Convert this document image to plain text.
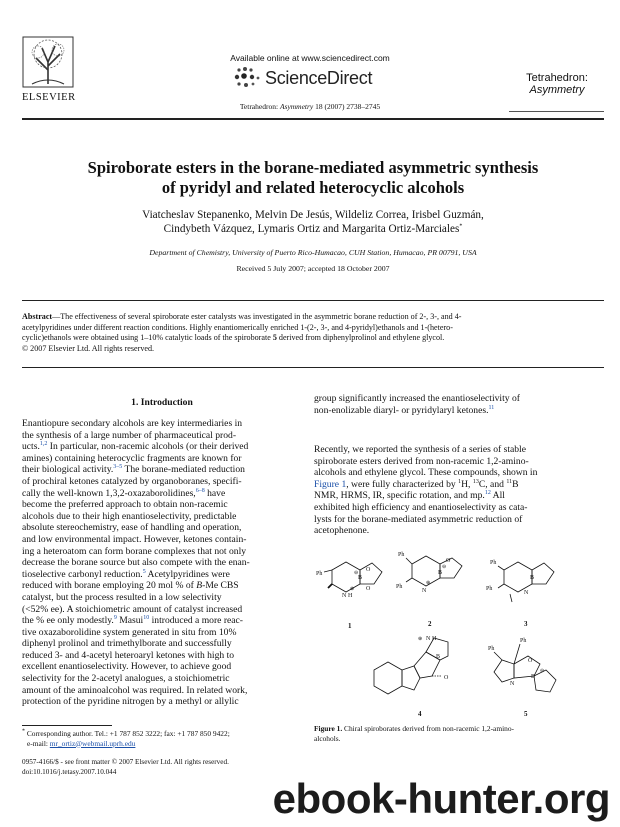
ELSEVIER
Available online at www.sciencedirect.com
ScienceDirect
Tetrahedron: Asymmetry 18 (2007) 2738–2745
Tetrahedron:
Asymmetry
Spiroborate esters in the borane-mediated asymmetric synthesis
of pyridyl and related heterocyclic alcohols
Viatcheslav Stepanenko, Melvin De Jesús, Wildeliz Correa, Irisbel Guzmán,
Cindybeth Vázquez, Lymaris Ortiz and Margarita Ortiz-Marciales*
Department of Chemistry, University of Puerto Rico-Humacao, CUH Station, Humacao, PR 00791, USA
Received 5 July 2007; accepted 18 October 2007
Abstract—The effectiveness of several spiroborate ester catalysts was investigated in the asymmetric borane reduction of 2-, 3-, and 4-
acetylpyridines under different reaction conditions. Highly enantiomerically enriched 1-(2-, 3-, and 4-pyridyl)ethanols and 1-(hetero-
cyclic)ethanols were obtained using 1–10% catalytic loads of the spiroborate 5 derived from diphenylprolinol and ethylene glycol.
© 2007 Elsevier Ltd. All rights reserved.
1. Introduction
Enantiopure secondary alcohols are key intermediaries in
the synthesis of a large number of pharmaceutical prod-
ucts.$^{1,2}$ In particular, non-racemic alcohols (or their derived
amines) containing heterocyclic fragments are known for
their biological activity.$^{3-5}$ The borane-mediated reduction
of prochiral ketones catalyzed by organoboranes, specifi-
cally the well-known 1,3,2-oxazaborolidines,$^{6-8}$ have
become the preferred approach to obtain non-racemic
alcohols due to their high enantioselectivity, predictable
absolute stereochemistry, ease of handling and operation,
and low environmental impact. However, ketones contain-
ing a heteroatom can form borane complexes that not only
decrease the borane source but also compete with the enan-
tioselective carbonyl reduction.$^5$ Acetylpyridines were
reduced with borane employing 20 mol % of B-Me CBS
catalyst, but the process resulted in a low selectivity
(<52% ee). A stoichiometric amount of catalyst increased
the % ee only modestly.$^9$ Masui$^{10}$ introduced a more reac-
tive oxazaborolidine system generated in situ from 10%
diphenyl prolinol and trimethylborate and successfully
reduced 3- and 4-acetyl heteroaryl ketones with high to
excellent enantioselectivity. However, to achieve good
selectivity for the 2-acetyl analogues, a stoichiometric
amount of the aminoalcohol was required. In related work,
protection of the pyridine nitrogen by a methyl or allylic
* Corresponding author. Tel.: +1 787 852 3222; fax: +1 787 850 9422;
e-mail: mr_ortiz@webmail.uprh.edu
0957-4166/$ - see front matter © 2007 Elsevier Ltd. All rights reserved.
doi:10.1016/j.tetasy.2007.10.044
group significantly increased the enantioselectivity of
non-enolizable diaryl- or pyridylaryl ketones.$^{11}$
Recently, we reported the synthesis of a series of stable
spiroborate esters derived from non-racemic 1,2-amino-
alcohols and ethylene glycol. These compounds, shown in
Figure 1, were fully characterized by $^1$H, $^{13}$C, and $^{11}$B
NMR, HRMS, IR, specific rotation, and mp.$^{12}$ All
exhibited high efficiency and enantioselectivity as cata-
lysts for the borane-mediated asymmetric reduction of
acetophenone.
Ph
N H
B
O
O
Ph
Ph
N
B
O	Ph
Ph
N
B
N H
B
O
Ph
Ph
N
B
O
⊕
⊕
⊕
⊖
⊖
⊖
1	2	3
4	5
Figure 1. Chiral spiroborates derived from non-racemic 1,2-amino-
alcohols.
ebook-hunter.org
